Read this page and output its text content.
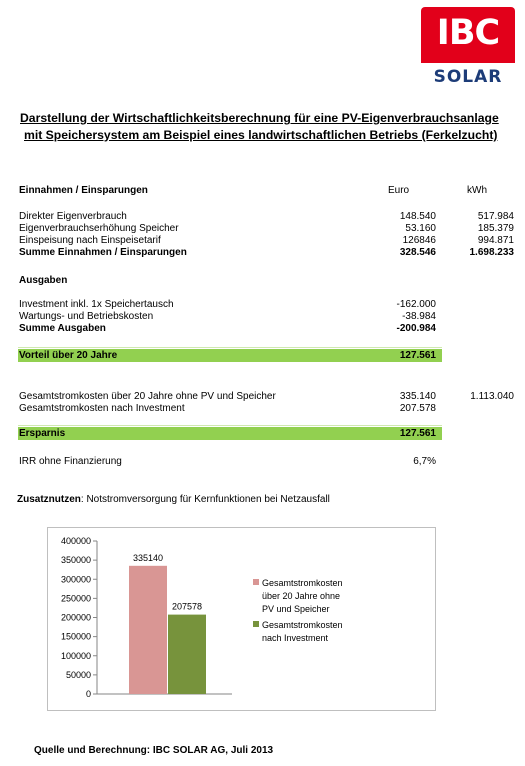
IBC
SOLAR
Darstellung der Wirtschaftlichkeitsberechnung für eine PV-Eigenverbrauchsanlage
mit Speichersystem am Beispiel eines landwirtschaftlichen Betriebs (Ferkelzucht)
Einnahmen / Einsparungen	Euro	kWh
Direkter Eigenverbrauch	148.540	517.984
Eigenverbrauchserhöhung Speicher	53.160	185.379
Einspeisung nach Einspeisetarif	126846	994.871
Summe Einnahmen / Einsparungen	328.546	1.698.233
Ausgaben
Investment inkl. 1x Speichertausch	-162.000
Wartungs- und Betriebskosten	-38.984
Summe Ausgaben	-200.984
Vorteil über 20 Jahre	127.561
Gesamtstromkosten über 20 Jahre ohne PV und Speicher	335.140	1.113.040
Gesamtstromkosten nach Investment	207.578
Ersparnis	127.561
IRR ohne Finanzierung	6,7%
Zusatznutzen: Notstromversorgung für Kernfunktionen bei Netzausfall
0
50000
100000
150000
200000
250000
300000
350000
400000
335140
207578
Gesamtstromkosten
über 20 Jahre ohne
PV und Speicher
Gesamtstromkosten
nach Investment
Quelle und Berechnung: IBC SOLAR AG, Juli 2013
